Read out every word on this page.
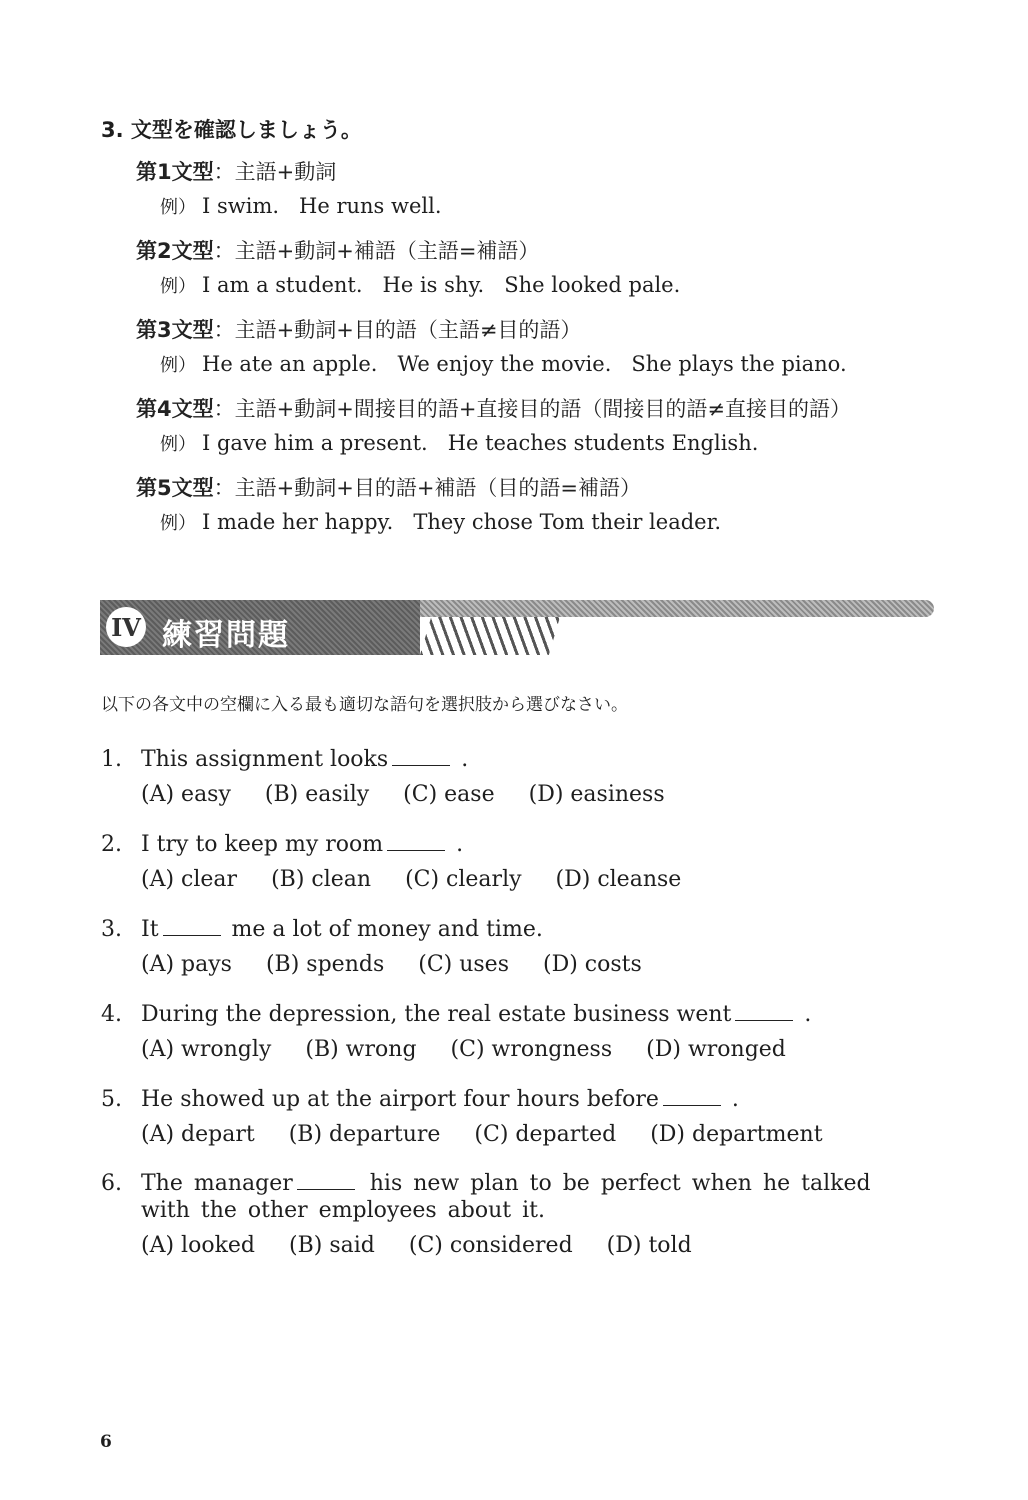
3. 文型を確認しましょう。
第1文型：主語+動詞
例） I swim.   He runs well.
第2文型：主語+動詞+補語（主語=補語）
例） I am a student.   He is shy.   She looked pale.
第3文型：主語+動詞+目的語（主語≠目的語）
例） He ate an apple.   We enjoy the movie.   She plays the piano.
第4文型：主語+動詞+間接目的語+直接目的語（間接目的語≠直接目的語）
例） I gave him a present.   He teaches students English.
第5文型：主語+動詞+目的語+補語（目的語=補語）
例） I made her happy.   They chose Tom their leader.
IV 練習問題
以下の各文中の空欄に入る最も適切な語句を選択肢から選びなさい。
1. This assignment looks	.
(A) easy (B) easily (C) ease (D) easiness
2. I try to keep my room	.
(A) clear (B) clean (C) clearly (D) cleanse
3. It	me a lot of money and time.
(A) pays (B) spends (C) uses (D) costs
4. During the depression, the real estate business went	.
(A) wrongly (B) wrong (C) wrongness (D) wronged
5. He showed up at the airport four hours before	.
(A) depart (B) departure (C) departed (D) department
6. The manager	his new plan to be perfect when he talked with the other employees about it.
(A) looked (B) said (C) considered (D) told
6
